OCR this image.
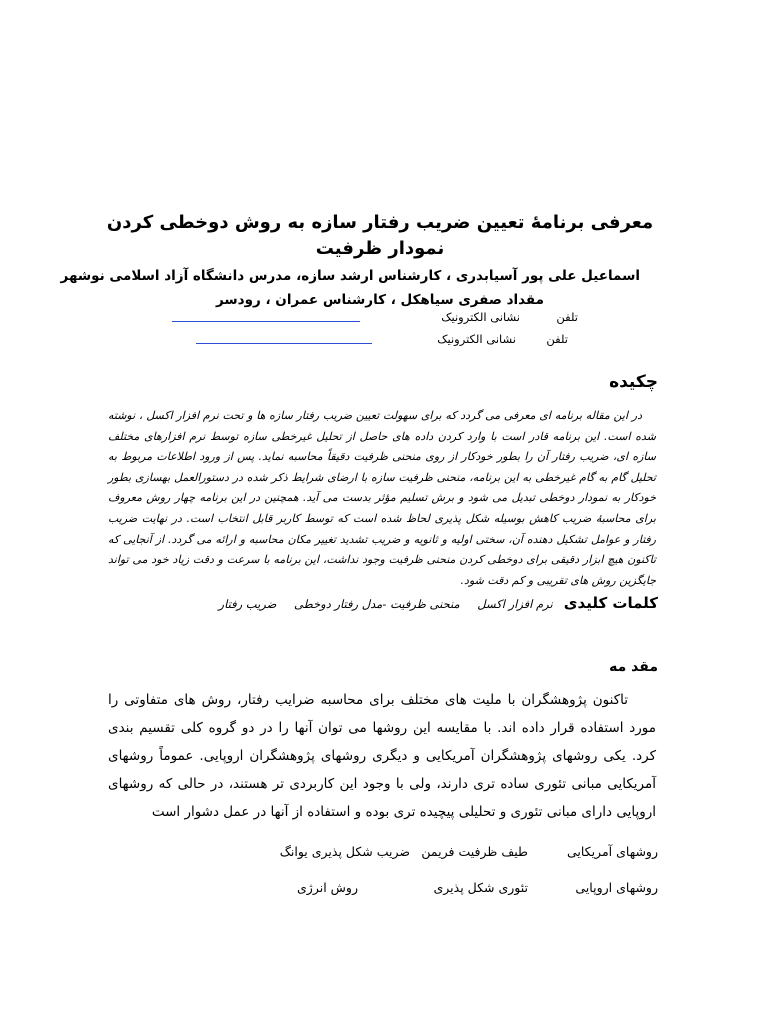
معرفی برنامهٔ تعیین ضریب رفتار سازه به روش دوخطی کردن نمودار ظرفیت
اسماعیل علی پور آسیابدری ، کارشناس ارشد سازه، مدرس دانشگاه آزاد اسلامی نوشهر
مقداد صفری سیاهکل ، کارشناس عمران ، رودسر
تلفن
نشانی الکترونیک
تلفن
نشانی الکترونیک
چکیده

در این مقاله برنامه ای معرفی می گردد که برای سهولت تعیین ضریب رفتار سازه ها و تحت نرم افزار اکسل ، نوشته شده است. این برنامه قادر است با وارد کردن داده های حاصل از تحلیل غیرخطی سازه توسط نرم افزارهای مختلف سازه ای، ضریب رفتار آن را بطور خودکار از روی منحنی ظرفیت دقیقاً محاسبه نماید. پس از ورود اطلاعات مربوط به تحلیل گام به گام غیرخطی به این برنامه، منحنی ظرفیت سازه با ارضای شرایط ذکر شده در دستورالعمل بهسازی بطور خودکار به نمودار دوخطی تبدیل می شود و برش تسلیم مؤثر بدست می آید. همچنین در این برنامه چهار روش معروف برای محاسبهٔ ضریب کاهش بوسیله شکل پذیری لحاظ شده است که توسط کاربر قابل انتخاب است. در نهایت ضریب رفتار و عوامل تشکیل دهنده آن، سختی اولیه و ثانویه و ضریب تشدید تغییر مکان محاسبه و ارائه می گردد. از آنجایی که تاکنون هیچ ابزار دقیقی برای دوخطی کردن منحنی ظرفیت وجود نداشت، این برنامه با سرعت و دقت زیاد خود می تواند جایگزین روش های تقریبی و کم دقت شود.

کلمات کلیدی نرم افزار اکسل منحنی ظرفیت -مدل رفتار دوخطی ضریب رفتار
مقد مه

تاکنون پژوهشگران با ملیت های مختلف برای محاسبه ضرایب رفتار، روش های متفاوتی را مورد استفاده قرار داده اند. با مقایسه این روشها می توان آنها را در دو گروه کلی تقسیم بندی کرد. یکی روشهای پژوهشگران آمریکایی و دیگری روشهای پژوهشگران اروپایی. عموماً روشهای آمریکایی مبانی تئوری ساده تری دارند، ولی با وجود این کاربردی تر هستند، در حالی که روشهای اروپایی دارای مبانی تئوری و تحلیلی پیچیده تری بوده و استفاده از آنها در عمل دشوار است

روشهای آمریکایی
طیف ظرفیت فریمن
ضریب شکل پذیری یوانگ
روشهای اروپایی
تئوری شکل پذیری
روش انرژی
